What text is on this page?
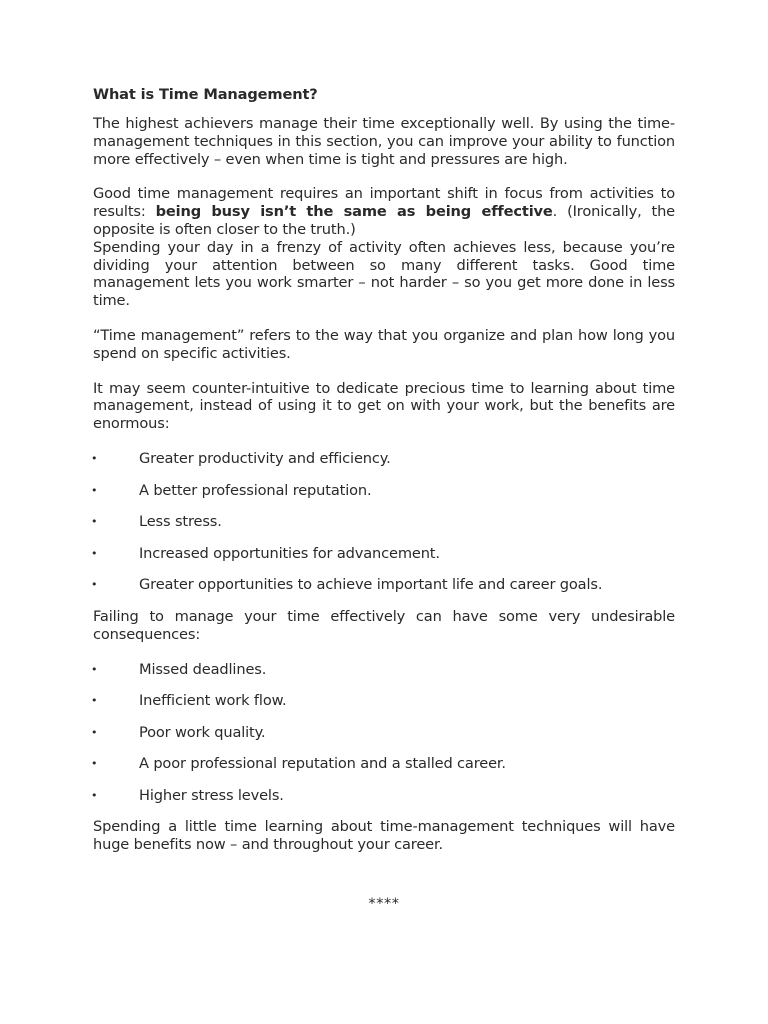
What is Time Management?

The highest achievers manage their time exceptionally well. By using the time-management techniques in this section, you can improve your ability to function more effectively – even when time is tight and pressures are high.

Good time management requires an important shift in focus from activities to results: being busy isn’t the same as being effective. (Ironically, the opposite is often closer to the truth.)

Spending your day in a frenzy of activity often achieves less, because you’re dividing your attention between so many different tasks. Good time management lets you work smarter – not harder – so you get more done in less time.

“Time management” refers to the way that you organize and plan how long you spend on specific activities.

It may seem counter-intuitive to dedicate precious time to learning about time management, instead of using it to get on with your work, but the benefits are enormous:

•	Greater productivity and efficiency.
•	A better professional reputation.
•	Less stress.
•	Increased opportunities for advancement.
•	Greater opportunities to achieve important life and career goals.

Failing to manage your time effectively can have some very undesirable consequences:

•	Missed deadlines.
•	Inefficient work flow.
•	Poor work quality.
•	A poor professional reputation and a stalled career.
•	Higher stress levels.

Spending a little time learning about time-management techniques will have huge benefits now – and throughout your career.

****
